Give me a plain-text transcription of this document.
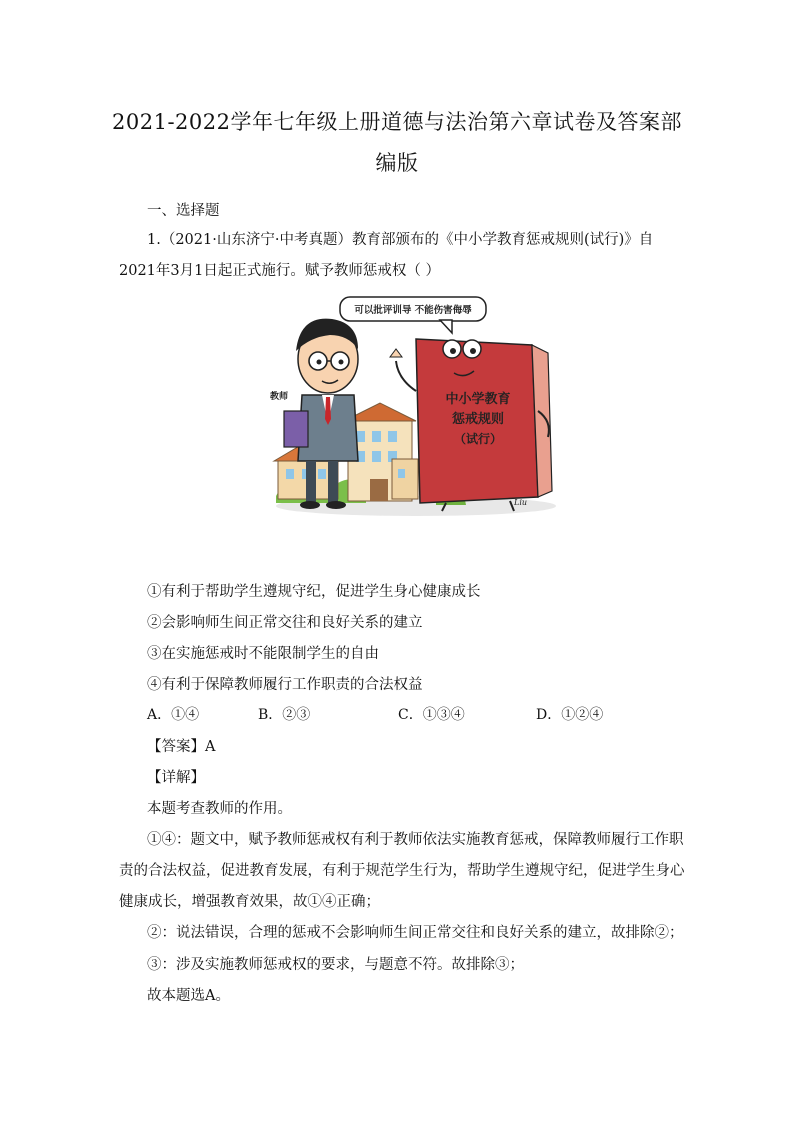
2021-2022学年七年级上册道德与法治第六章试卷及答案部
编版
一、选择题
1.（2021·山东济宁·中考真题）教育部颁布的《中小学教育惩戒规则(试行)》自
2021年3月1日起正式施行。赋予教师惩戒权（ ）
教师
可以批评训导 不能伤害侮辱
中小学教育
惩戒规则
（试行）
Liu
①有利于帮助学生遵规守纪，促进学生身心健康成长
②会影响师生间正常交往和良好关系的建立
③在实施惩戒时不能限制学生的自由
④有利于保障教师履行工作职责的合法权益
A．①④	B．②③	C．①③④	D．①②④
【答案】A
【详解】
本题考查教师的作用。
①④：题文中，赋予教师惩戒权有利于教师依法实施教育惩戒，保障教师履行工作职
责的合法权益，促进教育发展，有利于规范学生行为，帮助学生遵规守纪，促进学生身心
健康成长，增强教育效果，故①④正确；
②：说法错误，合理的惩戒不会影响师生间正常交往和良好关系的建立，故排除②；
③：涉及实施教师惩戒权的要求，与题意不符。故排除③；
故本题选A。
